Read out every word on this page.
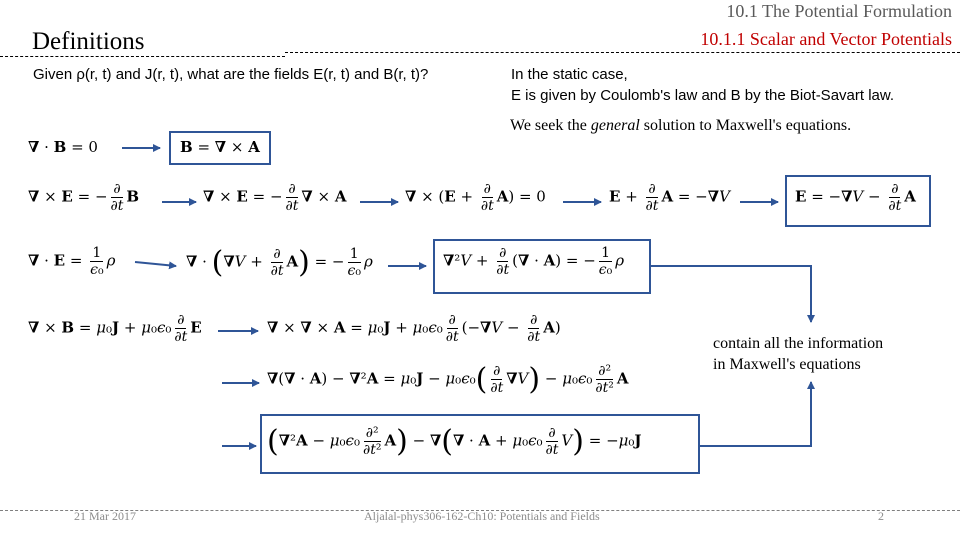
10.1 The Potential Formulation
10.1.1 Scalar and Vector Potentials
Definitions
Given ρ(r, t) and J(r, t), what are the fields E(r, t) and B(r, t)?	In the static case,
E is given by Coulomb's law and B by the Biot-Savart law.
We seek the general solution to Maxwell's equations.
∇ · B = 0	B = ∇ × A
∇ × E = − $\frac{\partial}{\partial t}$ B	∇ × E = − $\frac{\partial}{\partial t}$ ∇ × A	∇ × $(E + \frac{\partial}{\partial t} A) = 0$	$E + \frac{\partial}{\partial t}$ A = −∇V	$E = -\nabla V - \frac{\partial}{\partial t}$ A
∇ · $E = \frac{1}{\text{ϵ₀}}$ ρ	∇ · $(\nabla V + \frac{\partial}{\partial t} A)$ = − $\frac{1}{\text{ϵ₀}}$ ρ	$\nabla^2V + \frac{\partial}{\partial t}$ (∇ · A) = − $\frac{1}{\text{ϵ₀}}$ ρ
∇ × $B = \mu_0J + \mu_0\epsilon_0 \frac{\partial}{\partial t}$ E	∇ × ∇ × $A = \mu_0J + \mu_0\epsilon_0 \frac{\partial}{\partial t} (-\nabla V - \frac{\partial}{\partial t} A)$
∇(∇ · $A) - \nabla^2A = \mu_0J - \mu_0\epsilon_0( \frac{\partial}{\partial t} \nabla V) - \mu_0\epsilon_0 \frac{\text{∂²}}{\text{∂t²}}$ A
$(\nabla^2A - \mu_0\epsilon_0 \frac{\text{∂²}}{\text{∂t²}} A)$ − ∇(∇ · $A + \mu_0\epsilon_0 \frac{\partial}{\partial t} V) = -\mu_0J$
contain all the information
in Maxwell's equations
21 Mar 2017	Aljalal-phys306-162-Ch10: Potentials and Fields	2
